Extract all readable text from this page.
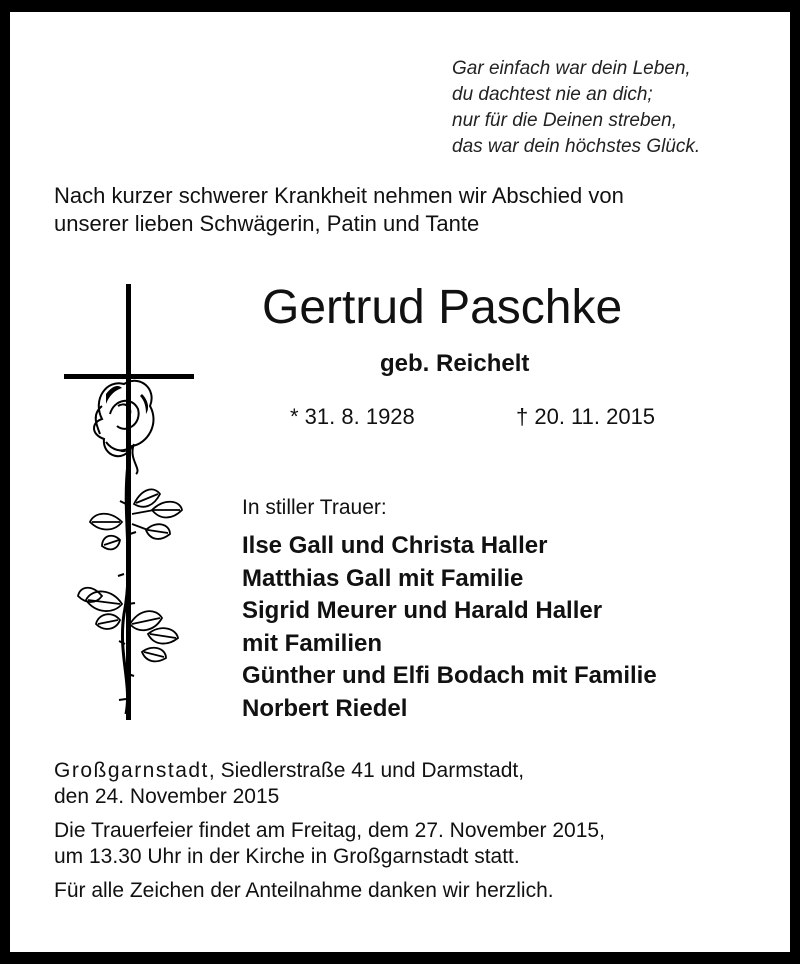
Gar einfach war dein Leben,
du dachtest nie an dich;
nur für die Deinen streben,
das war dein höchstes Glück.
Nach kurzer schwerer Krankheit nehmen wir Abschied von
unserer lieben Schwägerin, Patin und Tante
Gertrud Paschke
geb. Reichelt
* 31. 8. 1928	† 20. 11. 2015
In stiller Trauer:
Ilse Gall und Christa Haller
Matthias Gall mit Familie
Sigrid Meurer und Harald Haller
mit Familien
Günther und Elfi Bodach mit Familie
Norbert Riedel
Großgarnstadt, Siedlerstraße 41 und Darmstadt,
den 24. November 2015
Die Trauerfeier findet am Freitag, dem 27. November 2015,
um 13.30 Uhr in der Kirche in Großgarnstadt statt.
Für alle Zeichen der Anteilnahme danken wir herzlich.
